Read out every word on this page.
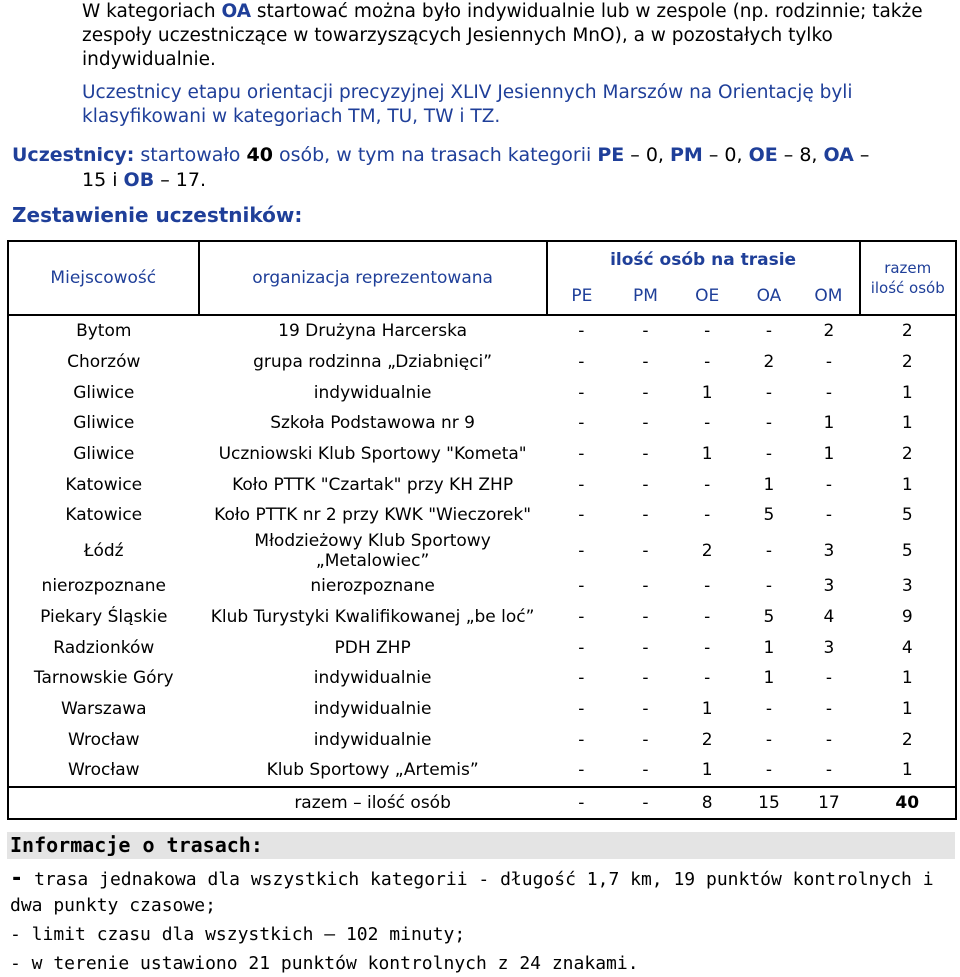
W kategoriach OA startować można było indywidualnie lub w zespole (np. rodzinnie; także zespoły uczestniczące w towarzyszących Jesiennych MnO), a w pozostałych tylko indywidualnie.
Uczestnicy etapu orientacji precyzyjnej XLIV Jesiennych Marszów na Orientację byli klasyfikowani w kategoriach TM, TU, TW i TZ.
Uczestnicy: startowało 40 osób, w tym na trasach kategorii PE – 0, PM – 0, OE – 8, OA –
15 i OB – 17.
Zestawienie uczestników:
Miejscowość	organizacja reprezentowana	ilość osób na trasie					razem
ilość osób
		PE	PM	OE	OA	OM	
Bytom	19 Drużyna Harcerska	-	-	-	-	2	2
Chorzów	grupa rodzinna „Dziabnięci”	-	-	-	2	-	2
Gliwice	indywidualnie	-	-	1	-	-	1
Gliwice	Szkoła Podstawowa nr 9	-	-	-	-	1	1
Gliwice	Uczniowski Klub Sportowy "Kometa"	-	-	1	-	1	2
Katowice	Koło PTTK "Czartak" przy KH ZHP	-	-	-	1	-	1
Katowice	Koło PTTK nr 2 przy KWK "Wieczorek"	-	-	-	5	-	5
Łódź	Młodzieżowy Klub Sportowy „Metalowiec”	-	-	2	-	3	5
nierozpoznane	nierozpoznane	-	-	-	-	3	3
Piekary Śląskie	Klub Turystyki Kwalifikowanej „be loć”	-	-	-	5	4	9
Radzionków	PDH ZHP	-	-	-	1	3	4
Tarnowskie Góry	indywidualnie	-	-	-	1	-	1
Warszawa	indywidualnie	-	-	1	-	-	1
Wrocław	indywidualnie	-	-	2	-	-	2
Wrocław	Klub Sportowy „Artemis”	-	-	1	-	-	1
	razem – ilość osób	-	-	8	15	17	40
Informacje o trasach:
- trasa jednakowa dla wszystkich kategorii - długość 1,7 km, 19 punktów kontrolnych i dwa punkty czasowe;
- limit czasu dla wszystkich – 102 minuty;
- w terenie ustawiono 21 punktów kontrolnych z 24 znakami.
